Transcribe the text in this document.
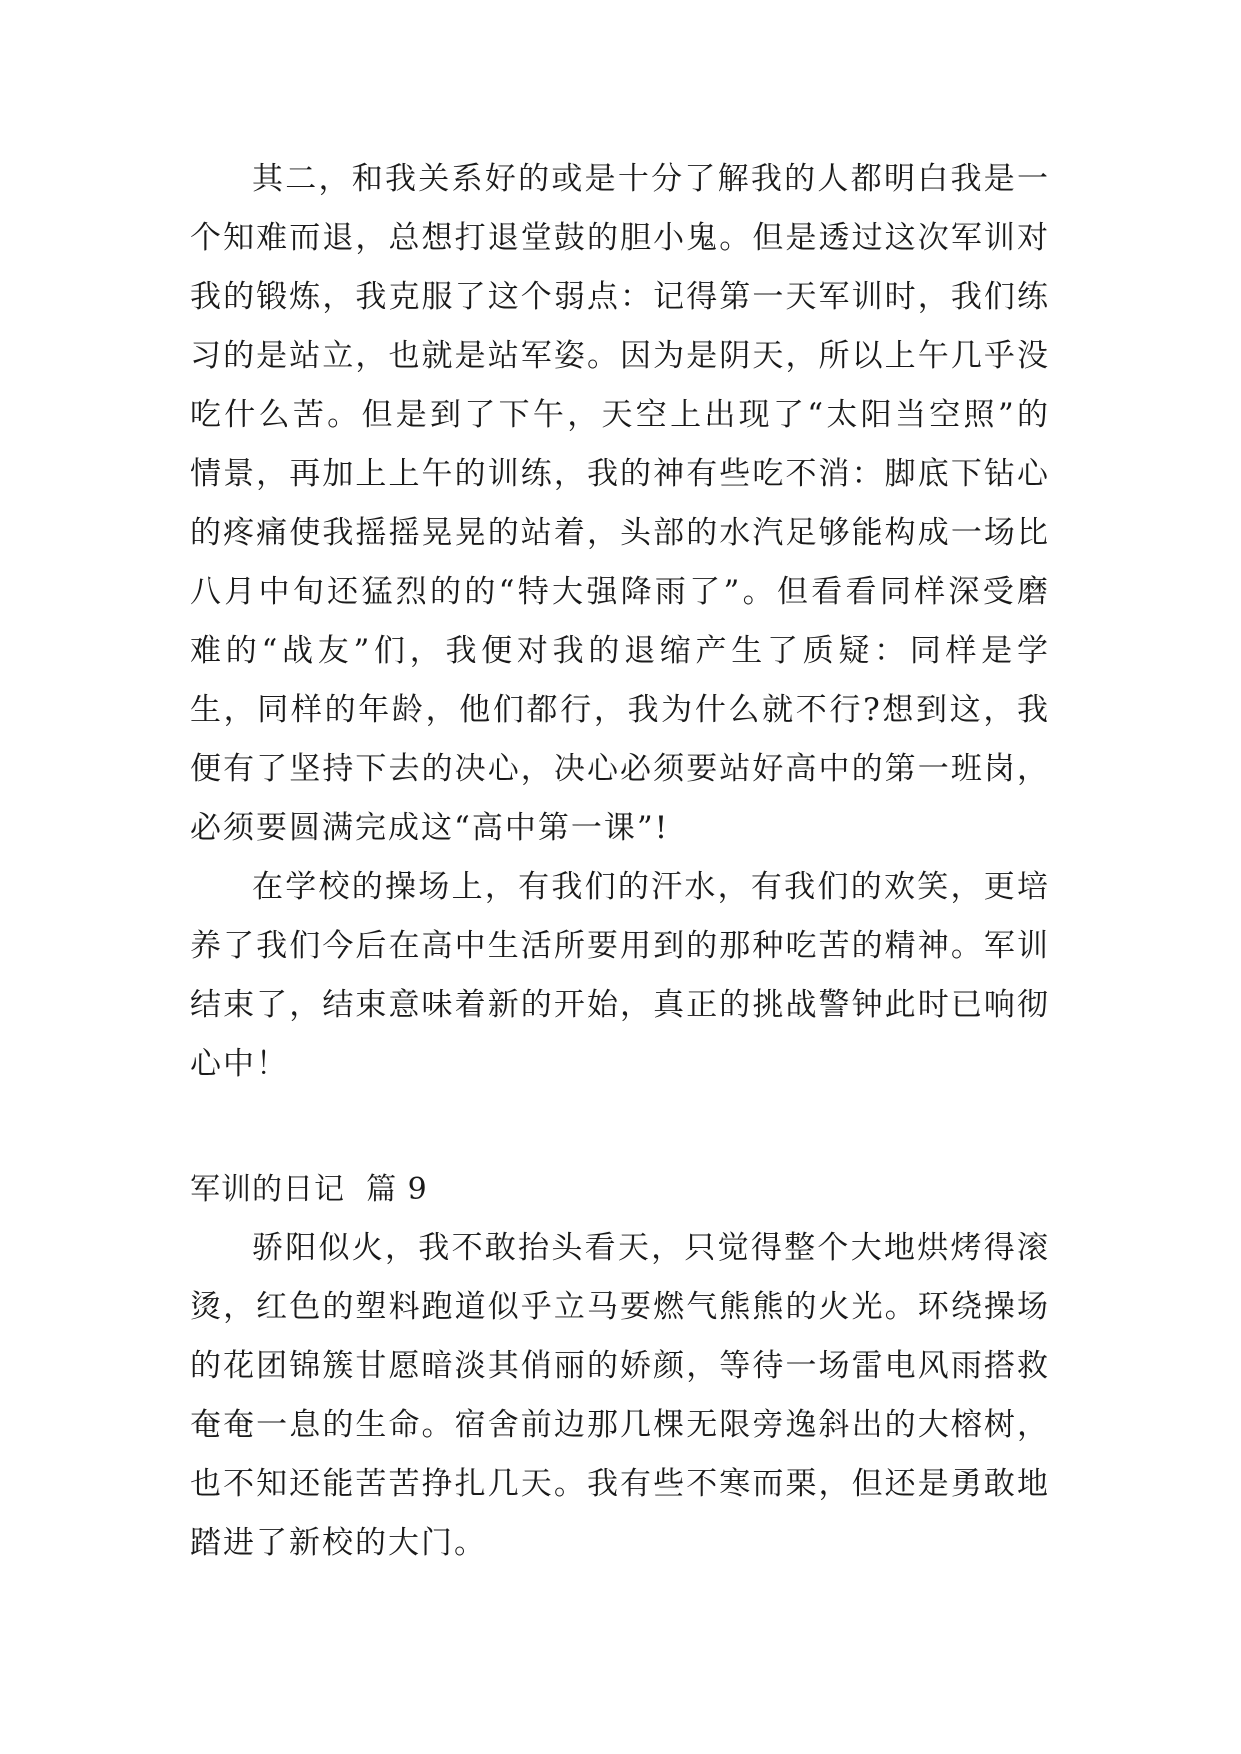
其二，和我关系好的或是十分了解我的人都明白我是一个知难而退，总想打退堂鼓的胆小鬼。但是透过这次军训对我的锻炼，我克服了这个弱点：记得第一天军训时，我们练习的是站立，也就是站军姿。因为是阴天，所以上午几乎没吃什么苦。但是到了下午，天空上出现了“太阳当空照”的情景，再加上上午的训练，我的神有些吃不消：脚底下钻心的疼痛使我摇摇晃晃的站着，头部的水汽足够能构成一场比八月中旬还猛烈的的“特大强降雨了”。但看看同样深受磨难的“战友”们，我便对我的退缩产生了质疑：同样是学生，同样的年龄，他们都行，我为什么就不行?想到这，我便有了坚持下去的决心，决心必须要站好高中的第一班岗，必须要圆满完成这“高中第一课”!

在学校的操场上，有我们的汗水，有我们的欢笑，更培养了我们今后在高中生活所要用到的那种吃苦的精神。军训结束了，结束意味着新的开始，真正的挑战警钟此时已响彻心中！

军训的日记 篇 9

骄阳似火，我不敢抬头看天，只觉得整个大地烘烤得滚烫，红色的塑料跑道似乎立马要燃气熊熊的火光。环绕操场的花团锦簇甘愿暗淡其俏丽的娇颜，等待一场雷电风雨搭救奄奄一息的生命。宿舍前边那几棵无限旁逸斜出的大榕树，也不知还能苦苦挣扎几天。我有些不寒而栗，但还是勇敢地踏进了新校的大门。
